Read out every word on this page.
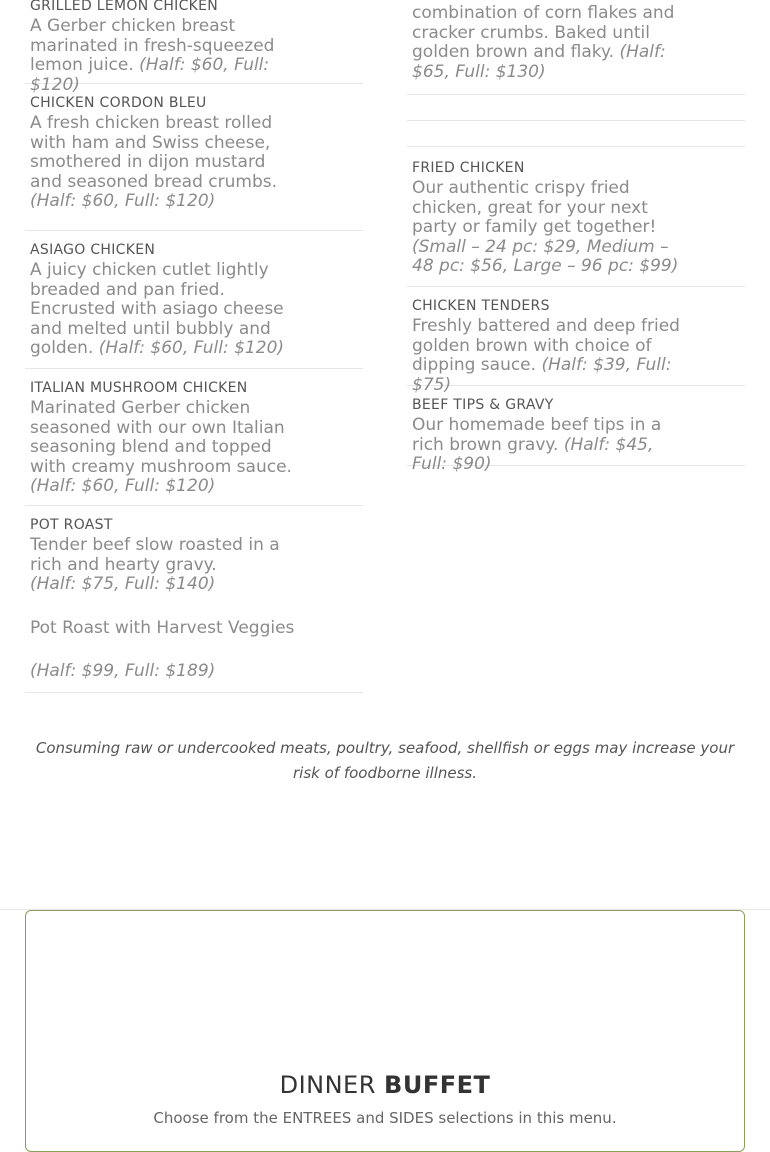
GRILLED LEMON CHICKEN
A Gerber chicken breast marinated in fresh-squeezed lemon juice. (Half: $60, Full: $120)
CHICKEN CORDON BLEU
A fresh chicken breast rolled with ham and Swiss cheese, smothered in dijon mustard and seasoned bread crumbs. (Half: $60, Full: $120)
ASIAGO CHICKEN
A juicy chicken cutlet lightly breaded and pan fried. Encrusted with asiago cheese and melted until bubbly and golden. (Half: $60, Full: $120)
ITALIAN MUSHROOM CHICKEN
Marinated Gerber chicken seasoned with our own Italian seasoning blend and topped with creamy mushroom sauce. (Half: $60, Full: $120)
POT ROAST
Tender beef slow roasted in a rich and hearty gravy.
(Half: $75, Full: $140)
Pot Roast with Harvest Veggies
(Half: $99, Full: $189)
combination of corn flakes and cracker crumbs. Baked until golden brown and flaky. (Half: $65, Full: $130)
FRIED CHICKEN
Our authentic crispy fried chicken, great for your next party or family get together! (Small – 24 pc: $29, Medium – 48 pc: $56, Large – 96 pc: $99)
CHICKEN TENDERS
Freshly battered and deep fried golden brown with choice of dipping sauce. (Half: $39, Full: $75)
BEEF TIPS & GRAVY
Our homemade beef tips in a rich brown gravy. (Half: $45, Full: $90)
Consuming raw or undercooked meats, poultry, seafood, shellfish or eggs may increase your risk of foodborne illness.
DINNER BUFFET
Choose from the ENTREES and SIDES selections in this menu.
